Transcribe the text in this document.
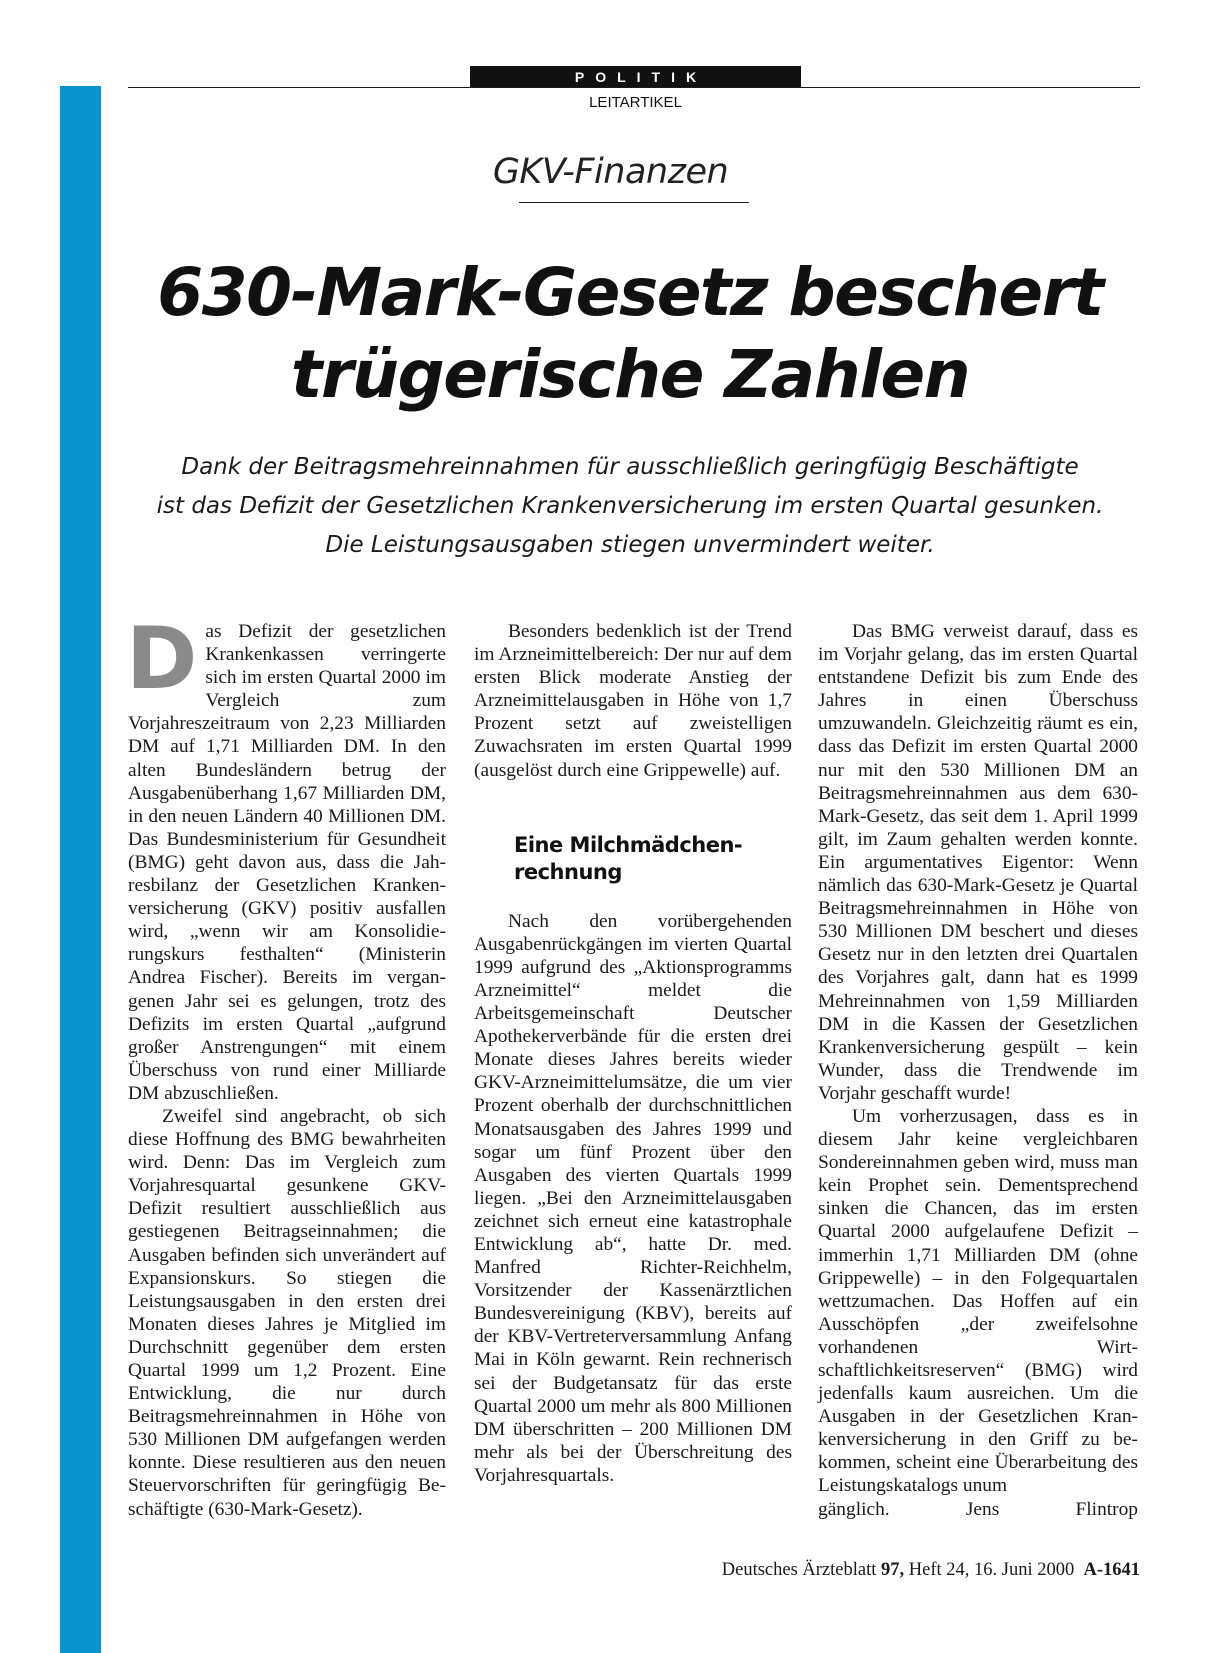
POLITIK
LEITARTIKEL
GKV-Finanzen
630-Mark-Gesetz beschert
trügerische Zahlen
Dank der Beitragsmehreinnahmen für ausschließlich geringfügig Beschäftigte
ist das Defizit der Gesetzlichen Krankenversicherung im ersten Quartal gesunken.
Die Leistungsausgaben stiegen unvermindert weiter.
D as Defizit der gesetzlichen Krankenkassen verringerte sich im ersten Quartal 2000 im Vergleich zum Vorjahreszeitraum von 2,23 Milliarden DM auf 1,71 Milliarden DM. In den alten Bundesländern betrug der Ausgabenüberhang 1,67 Milliarden DM, in den neuen Ländern 40 Millionen DM. Das Bundesministerium für Gesundheit (BMG) geht davon aus, dass die Jahresbilanz der Gesetzlichen Krankenversicherung (GKV) positiv ausfallen wird, „wenn wir am Konsolidierungskurs festhalten“ (Ministerin Andrea Fischer). Bereits im vergangenen Jahr sei es gelungen, trotz des Defizits im ersten Quartal „aufgrund großer Anstrengungen“ mit einem Überschuss von rund einer Milliarde DM abzuschließen.

Zweifel sind angebracht, ob sich diese Hoffnung des BMG bewahrheiten wird. Denn: Das im Vergleich zum Vorjahresquartal gesunkene GKV-Defizit resultiert ausschließlich aus gestiegenen Beitragseinnahmen; die Ausgaben befinden sich unverändert auf Expansionskurs. So stiegen die Leistungsausgaben in den ersten drei Monaten dieses Jahres je Mitglied im Durchschnitt gegenüber dem ersten Quartal 1999 um 1,2 Prozent. Eine Entwicklung, die nur durch Beitragsmehreinnahmen in Höhe von 530 Millionen DM aufgefangen werden konnte. Diese resultieren aus den neuen Steuervorschriften für geringfügig Beschäftigte (630-Mark-Gesetz).

Besonders bedenklich ist der Trend im Arzneimittelbereich: Der nur auf dem ersten Blick moderate Anstieg der Arzneimittelausgaben in Höhe von 1,7 Prozent setzt auf zweistelligen Zuwachsraten im ersten Quartal 1999 (ausgelöst durch eine Grippewelle) auf.

Eine Milchmädchenrechnung

Nach den vorübergehenden Ausgabenrückgängen im vierten Quartal 1999 aufgrund des „Aktionsprogramms Arzneimittel“ meldet die Arbeitsgemeinschaft Deutscher Apothekerverbände für die ersten drei Monate dieses Jahres bereits wieder GKV-Arzneimittelumsätze, die um vier Prozent oberhalb der durchschnittlichen Monatsausgaben des Jahres 1999 und sogar um fünf Prozent über den Ausgaben des vierten Quartals 1999 liegen. „Bei den Arzneimittelausgaben zeichnet sich erneut eine katastrophale Entwicklung ab“, hatte Dr. med. Manfred Richter-Reichhelm, Vorsitzender der Kassenärztlichen Bundesvereinigung (KBV), bereits auf der KBV-Vertreterversammlung Anfang Mai in Köln gewarnt. Rein rechnerisch sei der Budgetansatz für das erste Quartal 2000 um mehr als 800 Millionen DM überschritten – 200 Millionen DM mehr als bei der Überschreitung des Vorjahresquartals.

Das BMG verweist darauf, dass es im Vorjahr gelang, das im ersten Quartal entstandene Defizit bis zum Ende des Jahres in einen Überschuss umzuwandeln. Gleichzeitig räumt es ein, dass das Defizit im ersten Quartal 2000 nur mit den 530 Millionen DM an Beitragsmehreinnahmen aus dem 630-Mark-Gesetz, das seit dem 1. April 1999 gilt, im Zaum gehalten werden konnte. Ein argumentatives Eigentor: Wenn nämlich das 630-Mark-Gesetz je Quartal Beitragsmehreinnahmen in Höhe von 530 Millionen DM beschert und dieses Gesetz nur in den letzten drei Quartalen des Vorjahres galt, dann hat es 1999 Mehreinnahmen von 1,59 Milliarden DM in die Kassen der Gesetzlichen Krankenversicherung gespült – kein Wunder, dass die Trendwende im Vorjahr geschafft wurde!

Um vorherzusagen, dass es in diesem Jahr keine vergleichbaren Sondereinnahmen geben wird, muss man kein Prophet sein. Dementsprechend sinken die Chancen, das im ersten Quartal 2000 aufgelaufene Defizit – immerhin 1,71 Milliarden DM (ohne Grippewelle) – in den Folgequartalen wettzumachen. Das Hoffen auf ein Ausschöpfen „der zweifelsohne vorhandenen Wirtschaftlichkeitsreserven“ (BMG) wird jedenfalls kaum ausreichen. Um die Ausgaben in der Gesetzlichen Krankenversicherung in den Griff zu bekommen, scheint eine Überarbeitung des Leistungskatalogs unum

gänglich.	Jens Flintrop

Deutsches Ärzteblatt 97, Heft 24, 16. Juni 2000 A-1641
